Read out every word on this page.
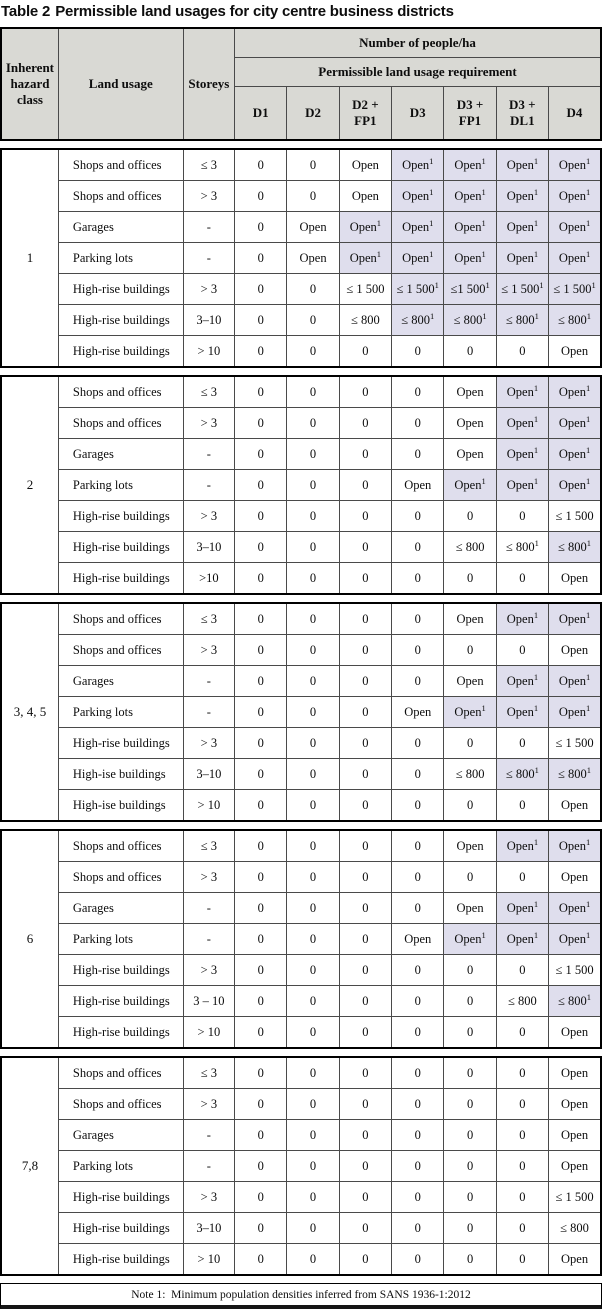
Table 2 Permissible land usages for city centre business districts
Inherent hazard class	Land usage	Storeys	Number of people/ha						
			Permissible land usage requirement						
			D1	D2	D2 + FP1	D3	D3 + FP1	D3 + DL1	D4
1	Shops and offices	≤ 3	0	0	Open	Open$^1$	Open$^1$	Open$^1$	Open$^1$
	Shops and offices	> 3	0	0	Open	Open$^1$	Open$^1$	Open$^1$	Open$^1$
	Garages	-	0	Open	Open$^1$	Open$^1$	Open$^1$	Open$^1$	Open$^1$
	Parking lots	-	0	Open	Open$^1$	Open$^1$	Open$^1$	Open$^1$	Open$^1$
	High-rise buildings	> 3	0	0	≤ 1 500	≤ 1 $500^1$	≤1 $500^1$	≤ 1 $500^1$	≤ 1 $500^1$
	High-rise buildings	3–10	0	0	≤ 800	≤ $800^1$	≤ $800^1$	≤ $800^1$	≤ $800^1$
	High-rise buildings	> 10	0	0	0	0	0	0	Open
2	Shops and offices	≤ 3	0	0	0	0	Open	Open$^1$	Open$^1$
	Shops and offices	> 3	0	0	0	0	Open	Open$^1$	Open$^1$
	Garages	-	0	0	0	0	Open	Open$^1$	Open$^1$
	Parking lots	-	0	0	0	Open	Open$^1$	Open$^1$	Open$^1$
	High-rise buildings	> 3	0	0	0	0	0	0	≤ 1 500
	High-rise buildings	3–10	0	0	0	0	≤ 800	≤ $800^1$	≤ $800^1$
	High-rise buildings	>10	0	0	0	0	0	0	Open
3, 4, 5	Shops and offices	≤ 3	0	0	0	0	Open	Open$^1$	Open$^1$
	Shops and offices	> 3	0	0	0	0	0	0	Open
	Garages	-	0	0	0	0	Open	Open$^1$	Open$^1$
	Parking lots	-	0	0	0	Open	Open$^1$	Open$^1$	Open$^1$
	High-rise buildings	> 3	0	0	0	0	0	0	≤ 1 500
	High-ise buildings	3–10	0	0	0	0	≤ 800	≤ $800^1$	≤ $800^1$
	High-ise buildings	> 10	0	0	0	0	0	0	Open
6	Shops and offices	≤ 3	0	0	0	0	Open	Open$^1$	Open$^1$
	Shops and offices	> 3	0	0	0	0	0	0	Open
	Garages	-	0	0	0	0	Open	Open$^1$	Open$^1$
	Parking lots	-	0	0	0	Open	Open$^1$	Open$^1$	Open$^1$
	High-rise buildings	> 3	0	0	0	0	0	0	≤ 1 500
	High-rise buildings	3 – 10	0	0	0	0	0	≤ 800	≤ $800^1$
	High-rise buildings	> 10	0	0	0	0	0	0	Open
7,8	Shops and offices	≤ 3	0	0	0	0	0	0	Open
	Shops and offices	> 3	0	0	0	0	0	0	Open
	Garages	-	0	0	0	0	0	0	Open
	Parking lots	-	0	0	0	0	0	0	Open
	High-rise buildings	> 3	0	0	0	0	0	0	≤ 1 500
	High-rise buildings	3–10	0	0	0	0	0	0	≤ 800
	High-rise buildings	> 10	0	0	0	0	0	0	Open
Note 1:  Minimum population densities inferred from SANS 1936-1:2012
